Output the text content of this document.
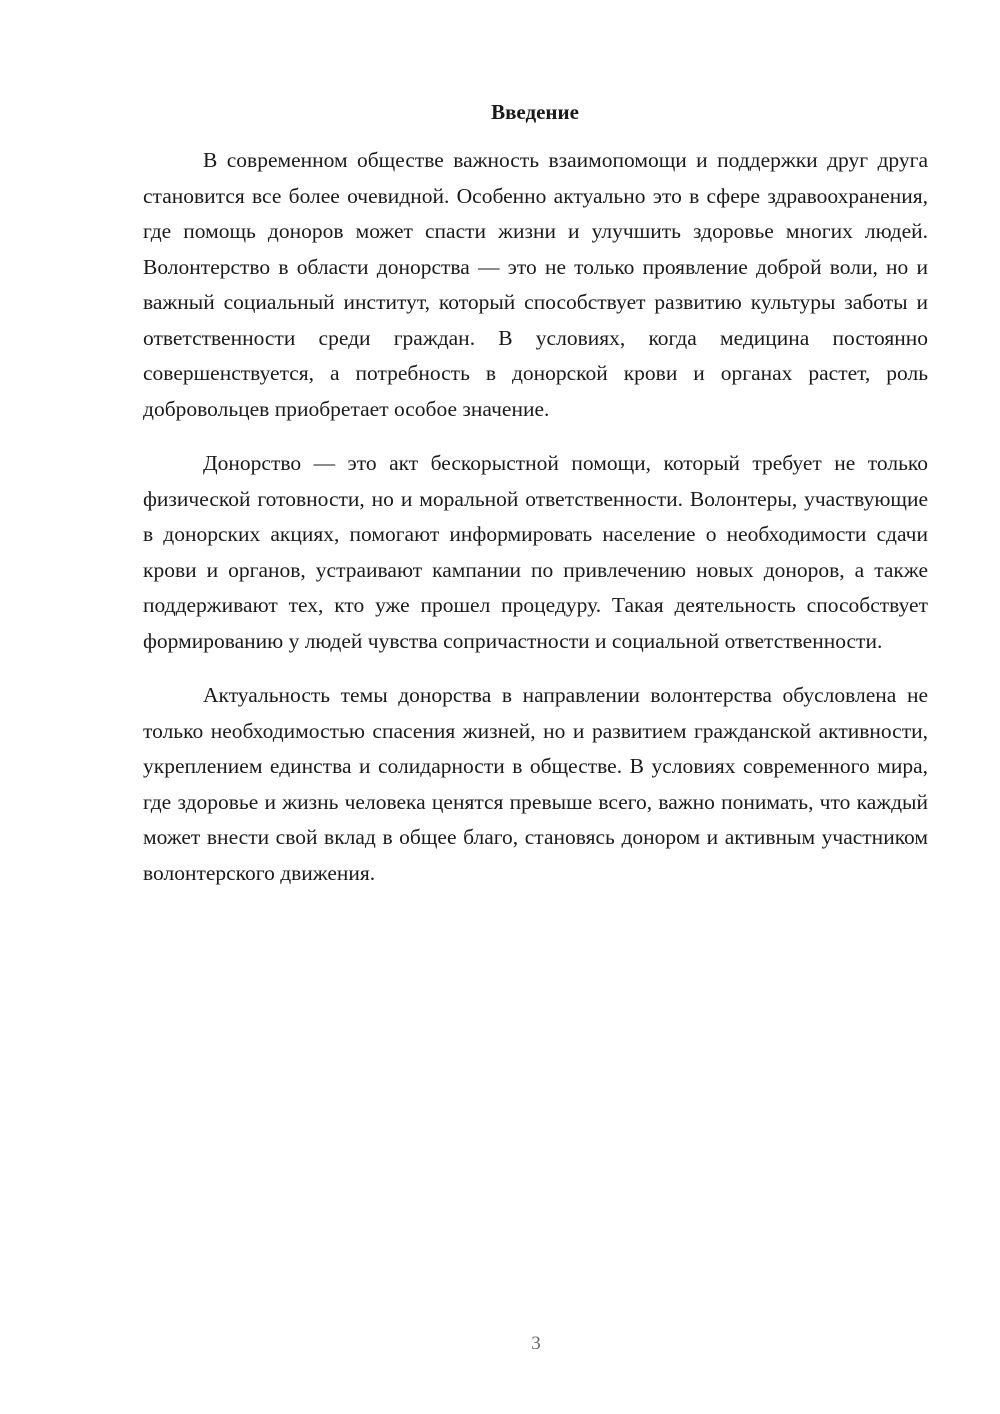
Введение

В современном обществе важность взаимопомощи и поддержки друг друга становится все более очевидной. Особенно актуально это в сфере здравоохранения, где помощь доноров может спасти жизни и улучшить здоровье многих людей. Волонтерство в области донорства — это не только проявление доброй воли, но и важный социальный институт, который способствует развитию культуры заботы и ответственности среди граждан. В условиях, когда медицина постоянно совершенствуется, а потребность в донорской крови и органах растет, роль добровольцев приобретает особое значение.

Донорство — это акт бескорыстной помощи, который требует не только физической готовности, но и моральной ответственности. Волонтеры, участвующие в донорских акциях, помогают информировать население о необходимости сдачи крови и органов, устраивают кампании по привлечению новых доноров, а также поддерживают тех, кто уже прошел процедуру. Такая деятельность способствует формированию у людей чувства сопричастности и социальной ответственности.

Актуальность темы донорства в направлении волонтерства обусловлена не только необходимостью спасения жизней, но и развитием гражданской активности, укреплением единства и солидарности в обществе. В условиях современного мира, где здоровье и жизнь человека ценятся превыше всего, важно понимать, что каждый может внести свой вклад в общее благо, становясь донором и активным участником волонтерского движения.

3
